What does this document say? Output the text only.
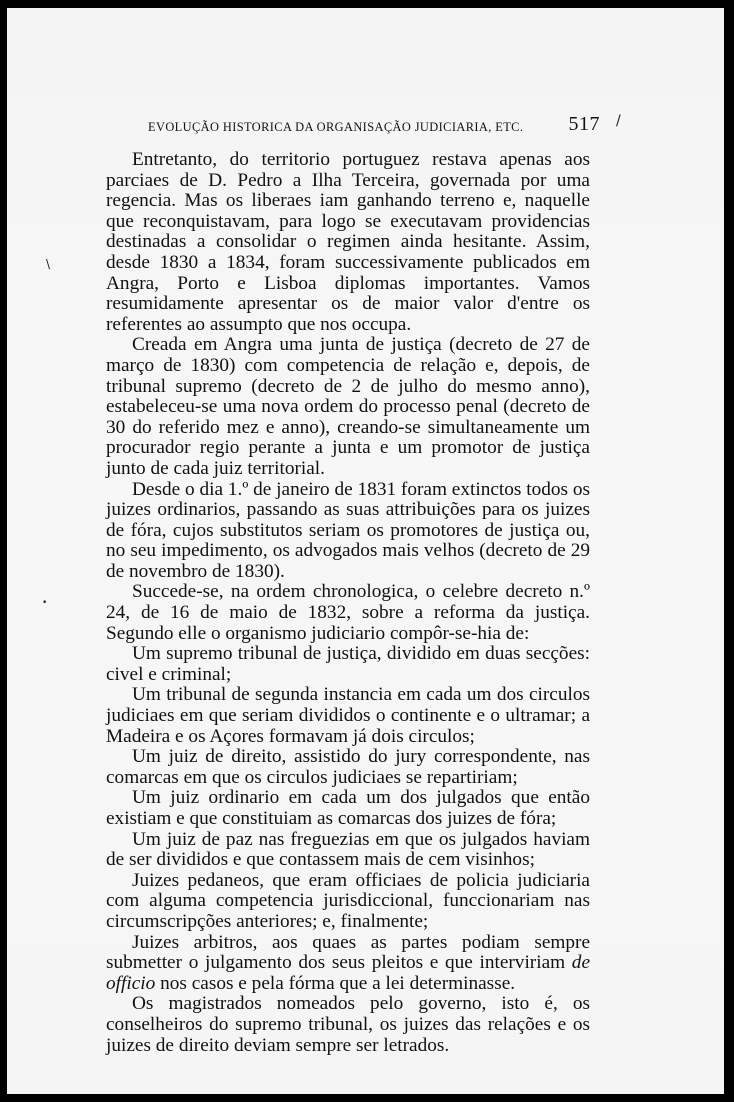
EVOLUÇÃO HISTORICA DA ORGANISAÇÃO JUDICIARIA, ETC. 517 /
\
•

Entretanto, do territorio portuguez restava apenas aos parciaes de D. Pedro a Ilha Terceira, governada por uma regencia. Mas os liberaes iam ganhando terreno e, naquelle que reconquistavam, para logo se executavam providencias destinadas a consolidar o regimen ainda hesitante. Assim, desde 1830 a 1834, foram successivamente publicados em Angra, Porto e Lisboa diplomas importantes. Vamos resumidamente apresentar os de maior valor d'entre os referentes ao assumpto que nos occupa.

Creada em Angra uma junta de justiça (decreto de 27 de março de 1830) com competencia de relação e, depois, de tribunal supremo (decreto de 2 de julho do mesmo anno), estabeleceu-se uma nova ordem do processo penal (decreto de 30 do referido mez e anno), creando-se simultaneamente um procurador regio perante a junta e um promotor de justiça junto de cada juiz territorial.

Desde o dia 1.º de janeiro de 1831 foram extinctos todos os juizes ordinarios, passando as suas attribuições para os juizes de fóra, cujos substitutos seriam os promotores de justiça ou, no seu impedimento, os advogados mais velhos (decreto de 29 de novembro de 1830).

Succede-se, na ordem chronologica, o celebre decreto n.º 24, de 16 de maio de 1832, sobre a reforma da justiça. Segundo elle o organismo judiciario compôr-se-hia de:

Um supremo tribunal de justiça, dividido em duas secções: civel e criminal;

Um tribunal de segunda instancia em cada um dos circulos judiciaes em que seriam divididos o continente e o ultramar; a Madeira e os Açores formavam já dois circulos;

Um juiz de direito, assistido do jury correspondente, nas comarcas em que os circulos judiciaes se repartiriam;

Um juiz ordinario em cada um dos julgados que então existiam e que constituiam as comarcas dos juizes de fóra;

Um juiz de paz nas freguezias em que os julgados haviam de ser divididos e que contassem mais de cem visinhos;

Juizes pedaneos, que eram officiaes de policia judiciaria com alguma competencia jurisdiccional, funccionariam nas circumscripções anteriores; e, finalmente;

Juizes arbitros, aos quaes as partes podiam sempre submetter o julgamento dos seus pleitos e que interviriam de officio nos casos e pela fórma que a lei determinasse.

Os magistrados nomeados pelo governo, isto é, os conselheiros do supremo tribunal, os juizes das relações e os juizes de direito deviam sempre ser letrados.
